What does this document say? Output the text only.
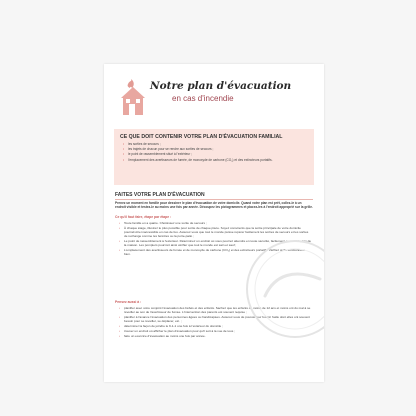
Notre plan d'évacuation
en cas d'incendie
CE QUE DOIT CONTENIR VOTRE PLAN D'ÉVACUATION FAMILIAL
• les sorties de secours ;
• les trajets de chacun pour se rendre aux sorties de secours ;
• le point de rassemblement situé à l'extérieur ;
• l'emplacement des avertisseurs de fumée, de monoxyde de carbone (CO₂) et des extincteurs portatifs.
FAITES VOTRE PLAN D'ÉVACUATION

Prenez un moment en famille pour dessiner le plan d'évacuation de votre domicile. Quand votre plan est prêt, collez-le à un endroit visible et testez-le au moins une fois par année. Découpez les pictogrammes et placez-les à l'endroit approprié sur la grille.

Ce qu'il faut faire, étape par étape :
• Toute famille en a quatre. Choisissez une sortie de secours ;
• À chaque étage, illustrez le plus possible pour sortie de chaque pièce. Soyez conscients que la sortie principale de votre domicile pourrait être inaccessible en cas de feu. Assurez-vous que tout le monde puisse repérer facilement les sorties de secours et les sorties de rechange comme les fenêtres ou la porte-patio ;
• Le point de rassemblement à l'extérieur. Déterminez un endroit où vous pourrez attendre en toute sécurité, facilement accessible, loin de la maison. Les pompiers pourront ainsi vérifier que tout le monde est sain et sauf ;
• L'emplacement des avertisseurs de fumée et de monoxyde de carbone (CO₂) et des extincteurs portatifs. Vérifiez qu'ils fonctionnent bien.
Pensez aussi à :
• planifier avec votre conjoint l'évacuation des bébés et des enfants. Sachez que les enfants de moins de 12 ans et moins ont du mal à se réveiller au son de l'avertisseur de fumée. L'intervention des parents est souvent requise ;
• planifier à l'avance l'évacuation des personnes âgées ou handicapées. Assurez-vous de pouvoir leur fournir l'aide dont elles ont souvent besoin pour se réveiller, se déplacer, etc. ;
• déterminer la façon de joindre le 9-1-1 une fois à l'extérieur du domicile ;
• trouver un endroit où afficher le plan d'évacuation pour qu'il soit à la vue de tous ;
• faire un exercice d'évacuation au moins une fois par année.
